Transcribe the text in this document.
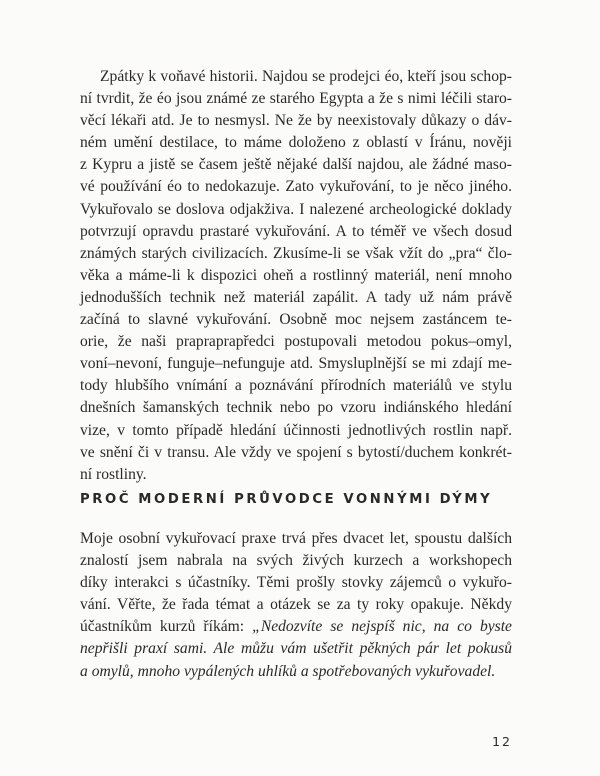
Zpátky k voňavé historii. Najdou se prodejci éo, kteří jsou schop-
ní tvrdit, že éo jsou známé ze starého Egypta a že s nimi léčili staro-
věcí lékaři atd. Je to nesmysl. Ne že by neexistovaly důkazy o dáv-
ném umění destilace, to máme doloženo z oblastí v Íránu, nověji
z Kypru a jistě se časem ještě nějaké další najdou, ale žádné maso-
vé používání éo to nedokazuje. Zato vykuřování, to je něco jiného.
Vykuřovalo se doslova odjakživa. I nalezené archeologické doklady
potvrzují opravdu prastaré vykuřování. A to téměř ve všech dosud
známých starých civilizacích. Zkusíme-li se však vžít do „pra“ člo-
věka a máme-li k dispozici oheň a rostlinný materiál, není mnoho
jednodušších technik než materiál zapálit. A tady už nám právě
začíná to slavné vykuřování. Osobně moc nejsem zastáncem te-
orie, že naši prapraprapředci postupovali metodou pokus–omyl,
voní–nevoní, funguje–nefunguje atd. Smysluplnější se mi zdají me-
tody hlubšího vnímání a poznávání přírodních materiálů ve stylu
dnešních šamanských technik nebo po vzoru indiánského hledání
vize, v tomto případě hledání účinnosti jednotlivých rostlin např.
ve snění či v transu. Ale vždy ve spojení s bytostí/duchem konkrét-
ní rostliny.
PROČ MODERNÍ PRŮVODCE VONNÝMI DÝMY
Moje osobní vykuřovací praxe trvá přes dvacet let, spoustu dalších
znalostí jsem nabrala na svých živých kurzech a workshopech
díky interakci s účastníky. Těmi prošly stovky zájemců o vykuřo-
vání. Věřte, že řada témat a otázek se za ty roky opakuje. Někdy
účastníkům kurzů říkám: „Nedozvíte se nejspíš nic, na co byste
nepřišli praxí sami. Ale můžu vám ušetřit pěkných pár let pokusů
a omylů, mnoho vypálených uhlíků a spotřebovaných vykuřovadel.
12
